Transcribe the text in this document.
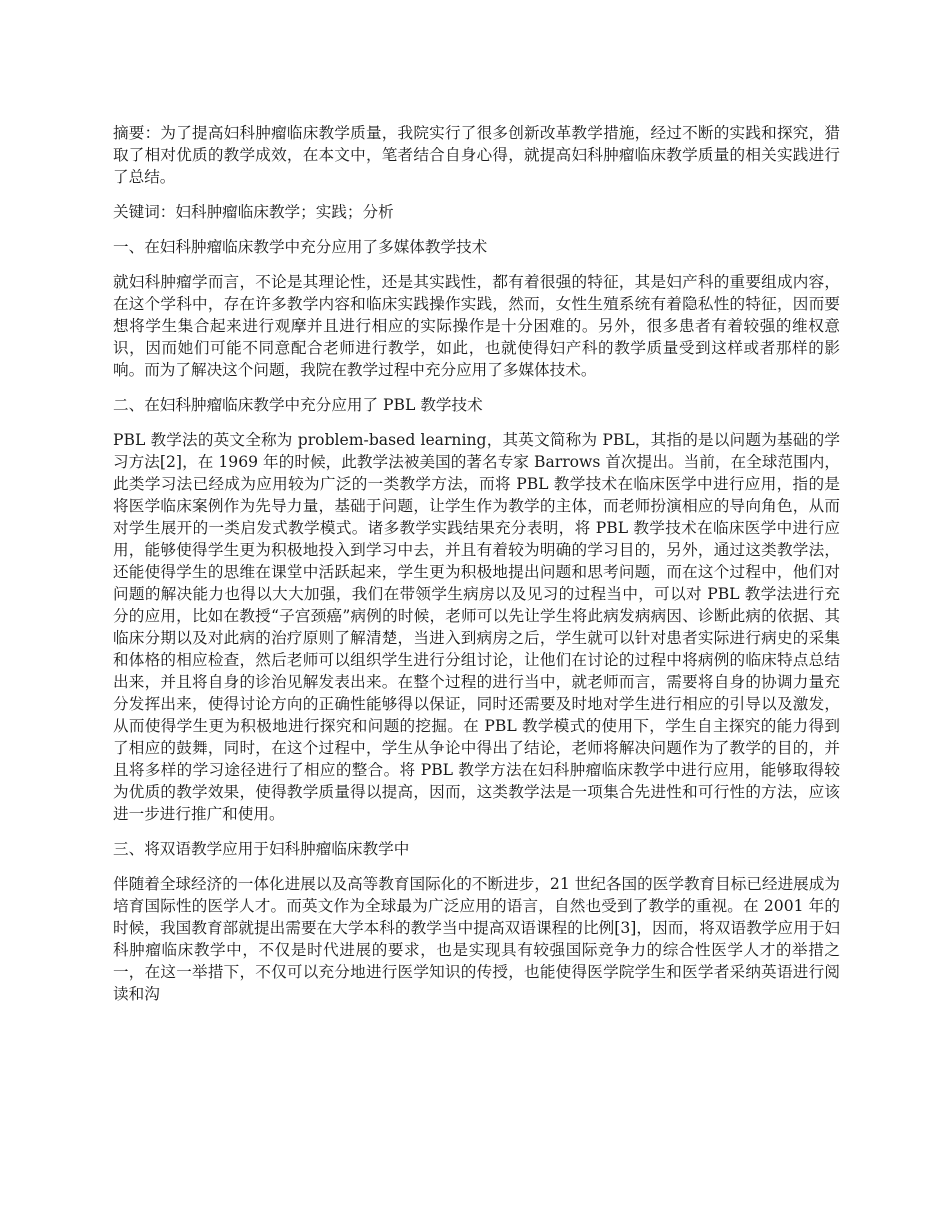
摘要：为了提高妇科肿瘤临床教学质量，我院实行了很多创新改革教学措施，经过不断的实践和探究，猎取了相对优质的教学成效，在本文中，笔者结合自身心得，就提高妇科肿瘤临床教学质量的相关实践进行了总结。

关键词：妇科肿瘤临床教学；实践；分析

一、在妇科肿瘤临床教学中充分应用了多媒体教学技术

就妇科肿瘤学而言，不论是其理论性，还是其实践性，都有着很强的特征，其是妇产科的重要组成内容，在这个学科中，存在许多教学内容和临床实践操作实践，然而，女性生殖系统有着隐私性的特征，因而要想将学生集合起来进行观摩并且进行相应的实际操作是十分困难的。另外，很多患者有着较强的维权意识，因而她们可能不同意配合老师进行教学，如此，也就使得妇产科的教学质量受到这样或者那样的影响。而为了解决这个问题，我院在教学过程中充分应用了多媒体技术。

二、在妇科肿瘤临床教学中充分应用了 PBL 教学技术

PBL 教学法的英文全称为 problem-based learning，其英文简称为 PBL，其指的是以问题为基础的学习方法[2]，在 1969 年的时候，此教学法被美国的著名专家 Barrows 首次提出。当前，在全球范围内，此类学习法已经成为应用较为广泛的一类教学方法，而将 PBL 教学技术在临床医学中进行应用，指的是将医学临床案例作为先导力量，基础于问题，让学生作为教学的主体，而老师扮演相应的导向角色，从而对学生展开的一类启发式教学模式。诸多教学实践结果充分表明，将 PBL 教学技术在临床医学中进行应用，能够使得学生更为积极地投入到学习中去，并且有着较为明确的学习目的，另外，通过这类教学法，还能使得学生的思维在课堂中活跃起来，学生更为积极地提出问题和思考问题，而在这个过程中，他们对问题的解决能力也得以大大加强，我们在带领学生病房以及见习的过程当中，可以对 PBL 教学法进行充分的应用，比如在教授“子宫颈癌”病例的时候，老师可以先让学生将此病发病病因、诊断此病的依据、其临床分期以及对此病的治疗原则了解清楚，当进入到病房之后，学生就可以针对患者实际进行病史的采集和体格的相应检查，然后老师可以组织学生进行分组讨论，让他们在讨论的过程中将病例的临床特点总结出来，并且将自身的诊治见解发表出来。在整个过程的进行当中，就老师而言，需要将自身的协调力量充分发挥出来，使得讨论方向的正确性能够得以保证，同时还需要及时地对学生进行相应的引导以及激发，从而使得学生更为积极地进行探究和问题的挖掘。在 PBL 教学模式的使用下，学生自主探究的能力得到了相应的鼓舞，同时，在这个过程中，学生从争论中得出了结论，老师将解决问题作为了教学的目的，并且将多样的学习途径进行了相应的整合。将 PBL 教学方法在妇科肿瘤临床教学中进行应用，能够取得较为优质的教学效果，使得教学质量得以提高，因而，这类教学法是一项集合先进性和可行性的方法，应该进一步进行推广和使用。

三、将双语教学应用于妇科肿瘤临床教学中

伴随着全球经济的一体化进展以及高等教育国际化的不断进步，21 世纪各国的医学教育目标已经进展成为培育国际性的医学人才。而英文作为全球最为广泛应用的语言，自然也受到了教学的重视。在 2001 年的时候，我国教育部就提出需要在大学本科的教学当中提高双语课程的比例[3]，因而，将双语教学应用于妇科肿瘤临床教学中，不仅是时代进展的要求，也是实现具有较强国际竞争力的综合性医学人才的举措之一，在这一举措下，不仅可以充分地进行医学知识的传授，也能使得医学院学生和医学者采纳英语进行阅读和沟
